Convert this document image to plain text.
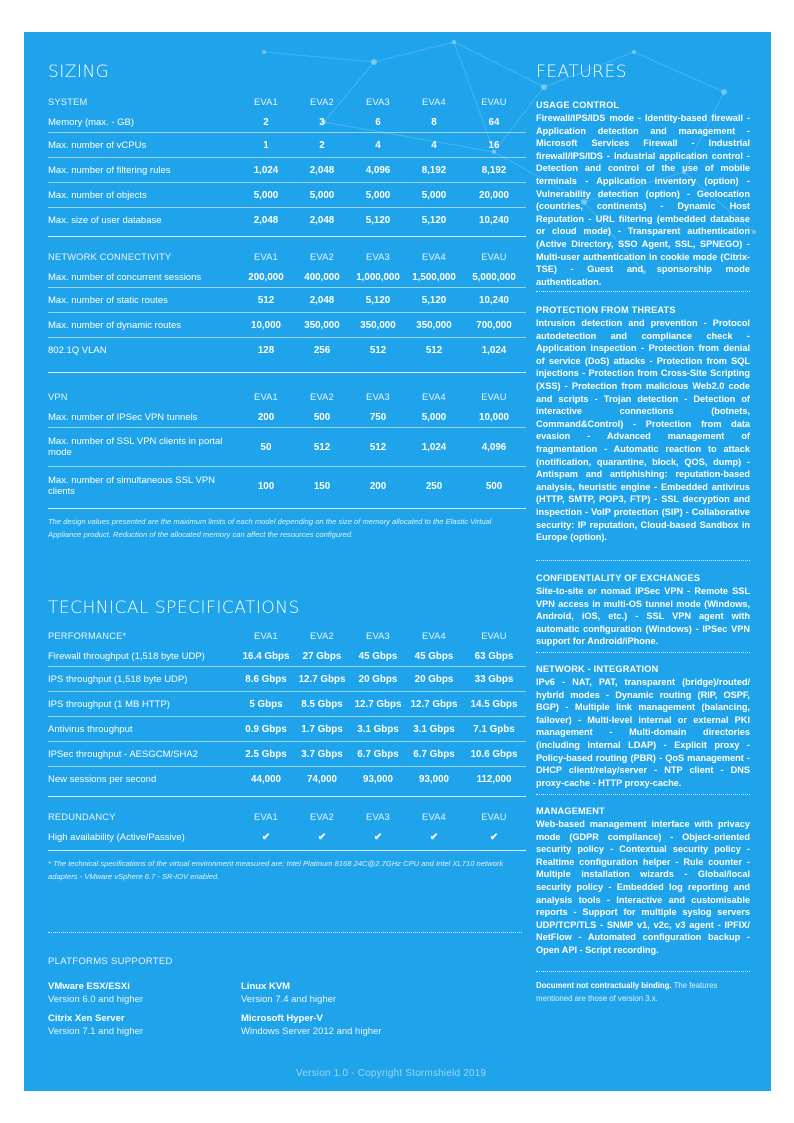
SIZING
SYSTEM	EVA1	EVA2	EVA3	EVA4	EVAU
Memory (max. - GB)	2	3	6	8	64
Max. number of vCPUs	1	2	4	4	16
Max. number of filtering rules	1,024	2,048	4,096	8,192	8,192
Max. number of objects	5,000	5,000	5,000	5,000	20,000
Max. size of user database	2,048	2,048	5,120	5,120	10,240
NETWORK CONNECTIVITY	EVA1	EVA2	EVA3	EVA4	EVAU
Max. number of concurrent sessions	200,000	400,000	1,000,000	1,500,000	5,000,000
Max. number of static routes	512	2,048	5,120	5,120	10,240
Max. number of dynamic routes	10,000	350,000	350,000	350,000	700,000
802.1Q VLAN	128	256	512	512	1,024
VPN	EVA1	EVA2	EVA3	EVA4	EVAU
Max. number of IPSec VPN tunnels	200	500	750	5,000	10,000
Max. number of SSL VPN clients in portal mode	50	512	512	1,024	4,096
Max. number of simultaneous SSL VPN clients	100	150	200	250	500
The design values presented are the maximum limits of each model depending on the size of memory allocated to the Elastic Virtual Appliance product. Reduction of the allocated memory can affect the resources configured.
TECHNICAL SPECIFICATIONS
PERFORMANCE*	EVA1	EVA2	EVA3	EVA4	EVAU
Firewall throughput (1,518 byte UDP)	16.4 Gbps	27 Gbps	45 Gbps	45 Gbps	63 Gbps
IPS throughput (1,518 byte UDP)	8.6 Gbps	12.7 Gbps	20 Gbps	20 Gbps	33 Gbps
IPS throughput (1 MB HTTP)	5 Gbps	8.5 Gbps	12.7 Gbps	12.7 Gbps	14.5 Gbps
Antivirus throughput	0.9 Gbps	1.7 Gbps	3.1 Gbps	3.1 Gbps	7.1 Gpbs
IPSec throughput - AESGCM/SHA2	2.5 Gbps	3.7 Gbps	6.7 Gbps	6.7 Gbps	10.6 Gbps
New sessions per second	44,000	74,000	93,000	93,000	112,000
REDUNDANCY	EVA1	EVA2	EVA3	EVA4	EVAU
High availability (Active/Passive)	✔	✔	✔	✔	✔
* The technical specifications of the virtual environment measured are: Intel Platinum 8168 24C@2.7GHz CPU and Intel XL710 network adapters - VMware vSphere 6.7 - SR-IOV enabled.
PLATFORMS SUPPORTED
VMware ESX/ESXi
Version 6.0 and higher
Linux KVM
Version 7.4 and higher
Citrix Xen Server
Version 7.1 and higher
Microsoft Hyper-V
Windows Server 2012 and higher
Version 1.0 - Copyright Stormshield 2019
FEATURES
USAGE CONTROL
Firewall/IPS/IDS mode - Identity-based firewall - Application detection and management - Microsoft Services Firewall - Industrial firewall/IPS/IDS - Industrial application control - Detection and control of the use of mobile terminals - Application inventory (option) - Vulnerability detection (option) - Geolocation (countries, continents) - Dynamic Host Reputation - URL filtering (embedded database or cloud mode) - Transparent authentication (Active Directory, SSO Agent, SSL, SPNEGO) - Multi-user authentication in cookie mode (Citrix-TSE) - Guest and sponsorship mode authentication.
PROTECTION FROM THREATS
Intrusion detection and prevention - Protocol autodetection and compliance check - Application inspection - Protection from denial of service (DoS) attacks - Protection from SQL injections - Protection from Cross-Site Scripting (XSS) - Protection from malicious Web2.0 code and scripts - Trojan detection - Detection of interactive connections (botnets, Command&Control) - Protection from data evasion - Advanced management of fragmentation - Automatic reaction to attack (notification, quarantine, block, QOS, dump) - Antispam and antiphishing: reputation-based analysis, heuristic engine - Embedded antivirus (HTTP, SMTP, POP3, FTP) - SSL decryption and inspection - VoIP protection (SIP) - Collaborative security: IP reputation, Cloud-based Sandbox in Europe (option).
CONFIDENTIALITY OF EXCHANGES
Site-to-site or nomad IPSec VPN - Remote SSL VPN access in multi-OS tunnel mode (Windows, Android, iOS, etc.) - SSL VPN agent with automatic configuration (Windows) - IPSec VPN support for Android/iPhone.
NETWORK - INTEGRATION
IPv6 - NAT, PAT, transparent (bridge)/routed/ hybrid modes - Dynamic routing (RIP, OSPF, BGP) - Multiple link management (balancing, failover) - Multi-level internal or external PKI management - Multi-domain directories (including internal LDAP) - Explicit proxy - Policy-based routing (PBR) - QoS management - DHCP client/relay/server - NTP client - DNS proxy-cache - HTTP proxy-cache.
MANAGEMENT
Web-based management interface with privacy mode (GDPR compliance) - Object-oriented security policy - Contextual security policy - Realtime configuration helper - Rule counter - Multiple installation wizards - Global/local security policy - Embedded log reporting and analysis tools - Interactive and customisable reports - Support for multiple syslog servers UDP/TCP/TLS - SNMP v1, v2c, v3 agent - IPFIX/ NetFlow - Automated configuration backup - Open API - Script recording.
Document not contractually binding. The features mentioned are those of version 3.x.
